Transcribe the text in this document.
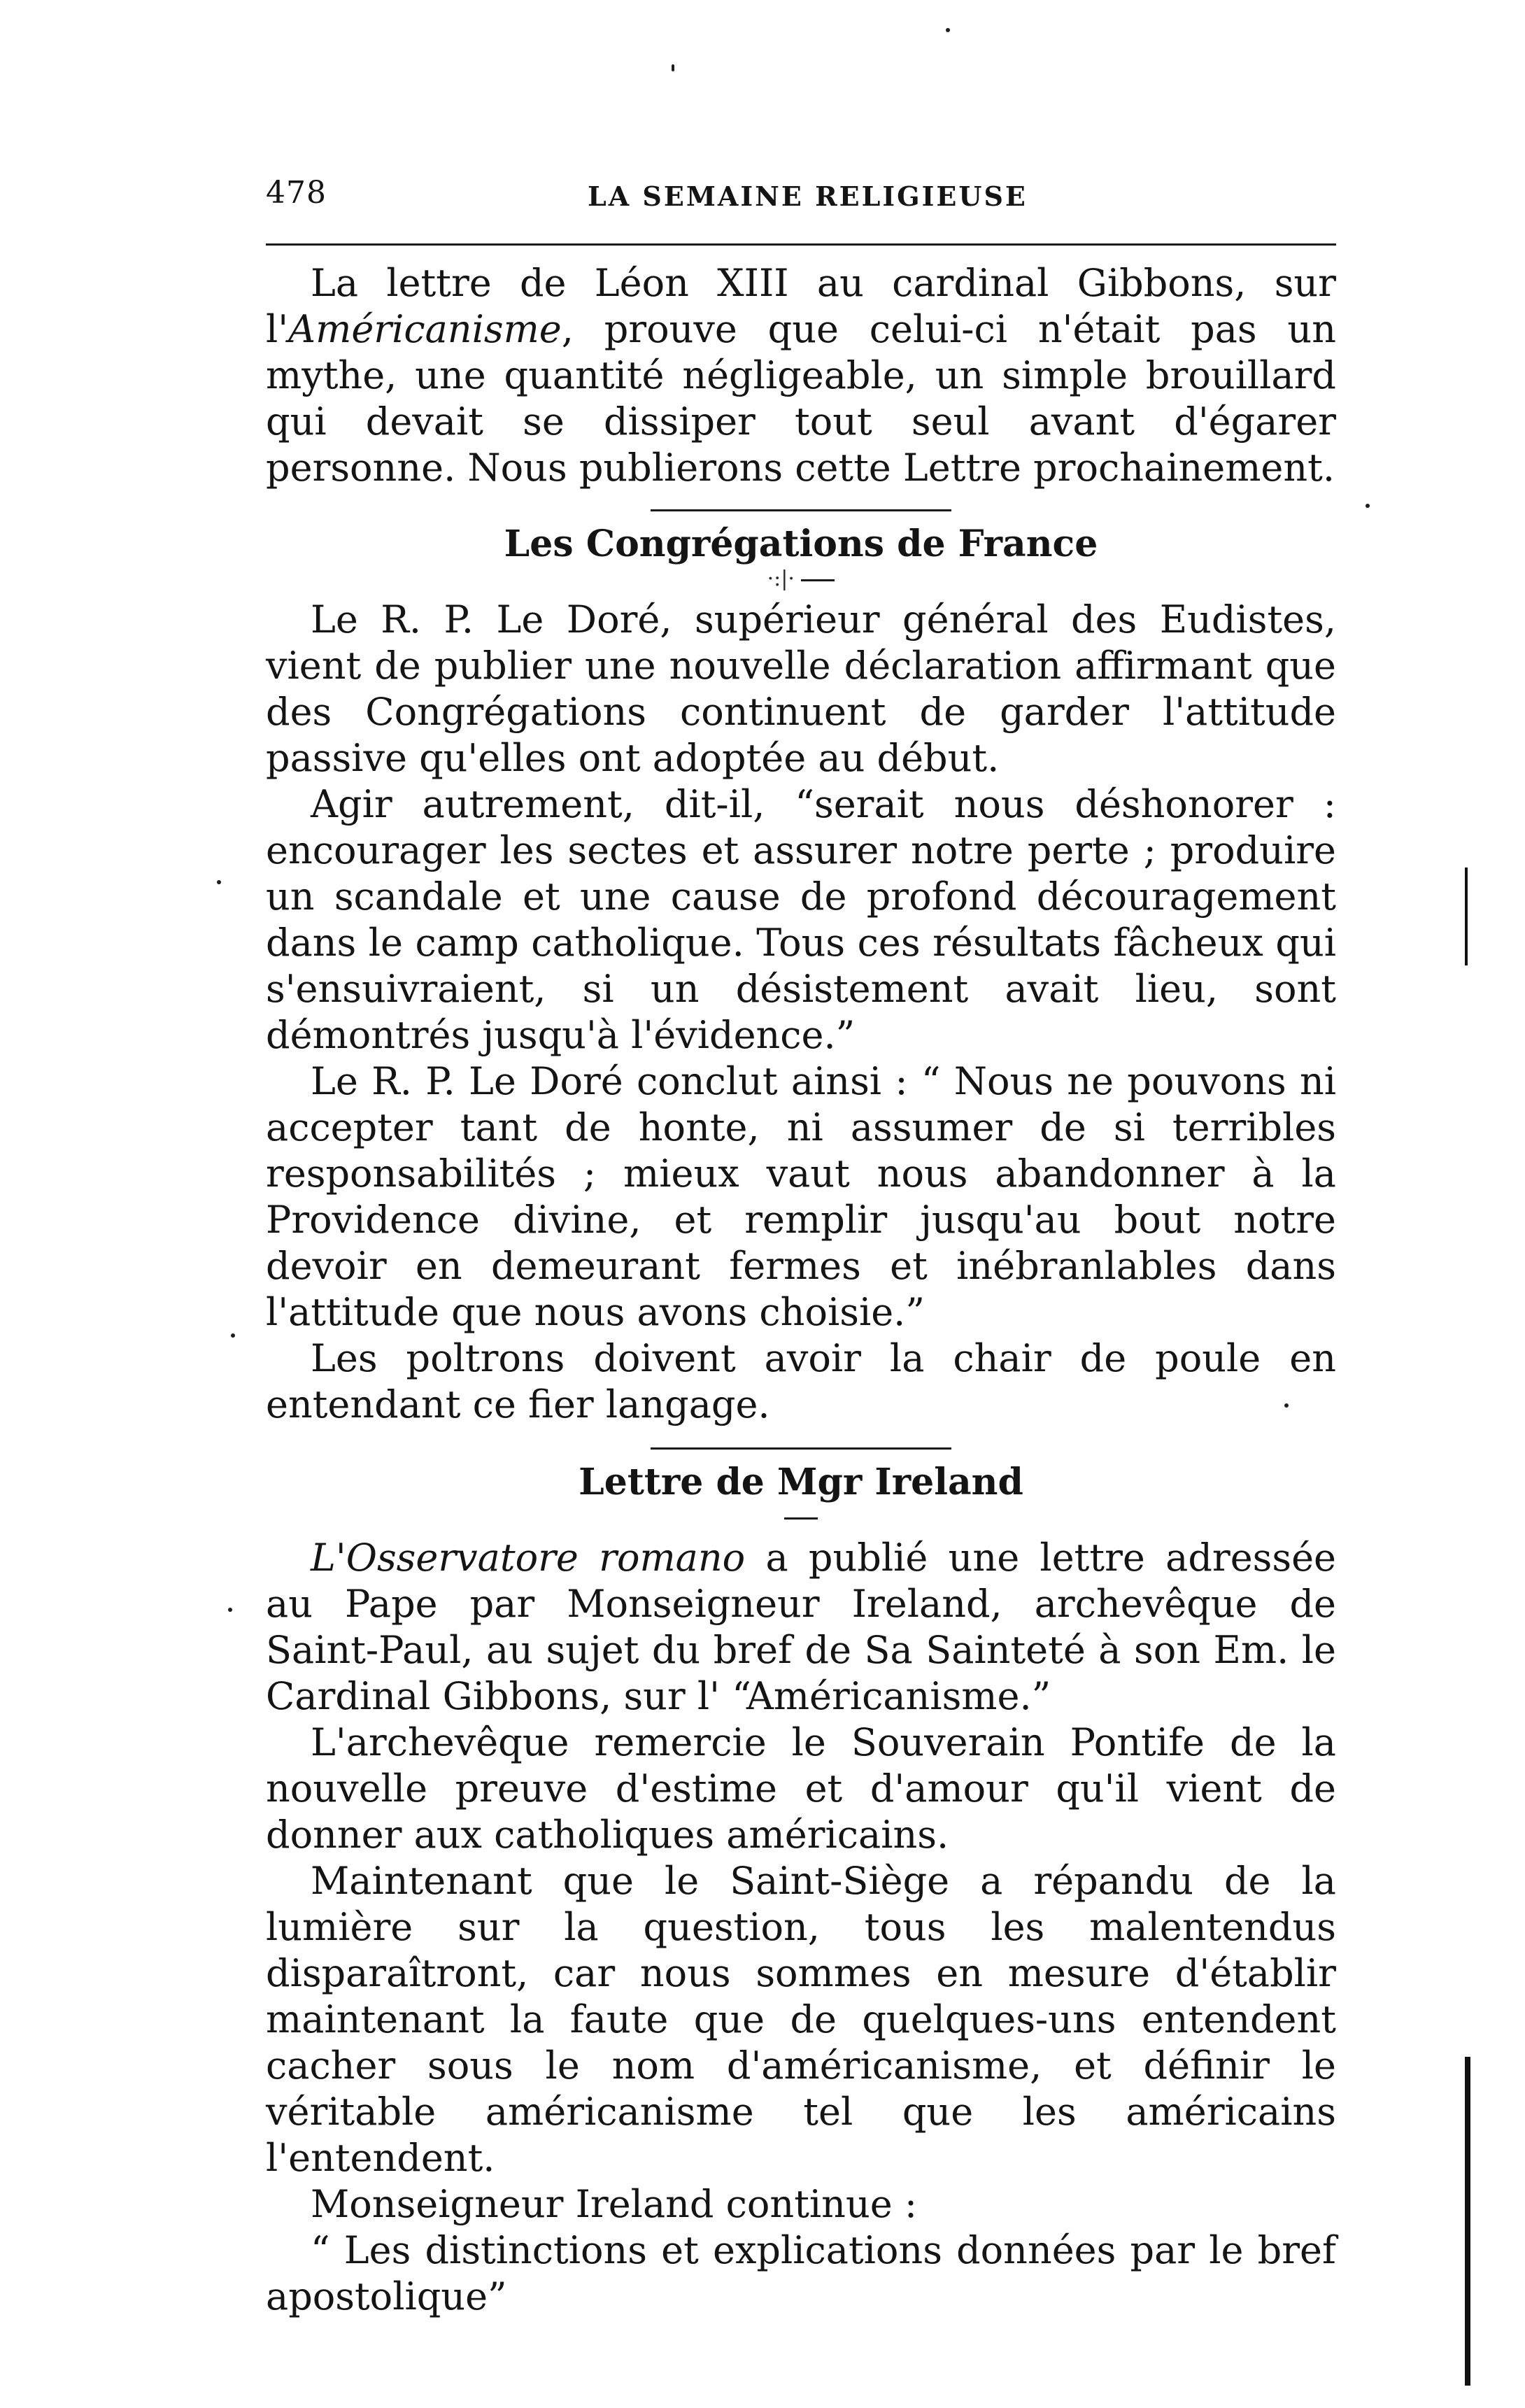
478	LA SEMAINE RELIGIEUSE

La lettre de Léon XIII au cardinal Gibbons, sur l'Américanisme, prouve que celui-ci n'était pas un mythe, une quantité négligeable, un simple brouillard qui devait se dissiper tout seul avant d'égarer personne. Nous publierons cette Lettre prochainement.

Les Congrégations de France
·:|·

Le R. P. Le Doré, supérieur général des Eudistes, vient de publier une nouvelle déclaration affirmant que des Congrégations continuent de garder l'attitude passive qu'elles ont adoptée au début.

Agir autrement, dit-il, “serait nous déshonorer : encourager les sectes et assurer notre perte ; produire un scandale et une cause de profond découragement dans le camp catholique. Tous ces résultats fâcheux qui s'ensuivraient, si un désistement avait lieu, sont démontrés jusqu'à l'évidence.”

Le R. P. Le Doré conclut ainsi : “ Nous ne pouvons ni accepter tant de honte, ni assumer de si terribles responsabilités ; mieux vaut nous abandonner à la Providence divine, et remplir jusqu'au bout notre devoir en demeurant fermes et inébranlables dans l'attitude que nous avons choisie.”

Les poltrons doivent avoir la chair de poule en entendant ce fier langage.

Lettre de Mgr Ireland

L'Osservatore romano a publié une lettre adressée au Pape par Monseigneur Ireland, archevêque de Saint-Paul, au sujet du bref de Sa Sainteté à son Em. le Cardinal Gibbons, sur l' “Américanisme.”

L'archevêque remercie le Souverain Pontife de la nouvelle preuve d'estime et d'amour qu'il vient de donner aux catholiques américains.

Maintenant que le Saint-Siège a répandu de la lumière sur la question, tous les malentendus disparaîtront, car nous sommes en mesure d'établir maintenant la faute que de quelques-uns entendent cacher sous le nom d'américanisme, et définir le véritable américanisme tel que les américains l'entendent.

Monseigneur Ireland continue :

“ Les distinctions et explications données par le bref apostolique”
